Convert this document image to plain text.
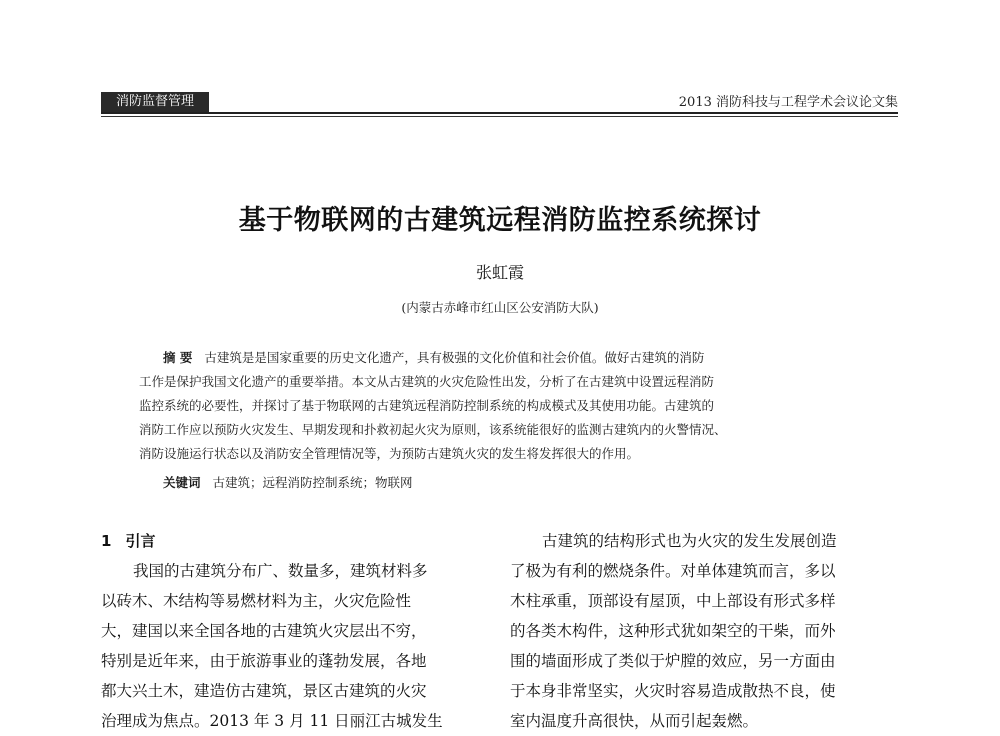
消防监督管理	2013 消防科技与工程学术会议论文集
基于物联网的古建筑远程消防监控系统探讨
张虹霞
(内蒙古赤峰市红山区公安消防大队)
摘 要 古建筑是是国家重要的历史文化遗产，具有极强的文化价值和社会价值。做好古建筑的消防
工作是保护我国文化遗产的重要举措。本文从古建筑的火灾危险性出发，分析了在古建筑中设置远程消防
监控系统的必要性，并探讨了基于物联网的古建筑远程消防控制系统的构成模式及其使用功能。古建筑的
消防工作应以预防火灾发生、早期发现和扑救初起火灾为原则，该系统能很好的监测古建筑内的火警情况、
消防设施运行状态以及消防安全管理情况等，为预防古建筑火灾的发生将发挥很大的作用。
关键词 古建筑；远程消防控制系统；物联网
1 引言
我国的古建筑分布广、数量多，建筑材料多
以砖木、木结构等易燃材料为主，火灾危险性
大，建国以来全国各地的古建筑火灾层出不穷，
特别是近年来，由于旅游事业的蓬勃发展，各地
都大兴土木，建造仿古建筑，景区古建筑的火灾
治理成为焦点。2013 年 3 月 11 日丽江古城发生
古建筑的结构形式也为火灾的发生发展创造
了极为有利的燃烧条件。对单体建筑而言，多以
木柱承重，顶部设有屋顶，中上部设有形式多样
的各类木构件，这种形式犹如架空的干柴，而外
围的墙面形成了类似于炉膛的效应，另一方面由
于本身非常坚实，火灾时容易造成散热不良，使
室内温度升高很快，从而引起轰燃。
